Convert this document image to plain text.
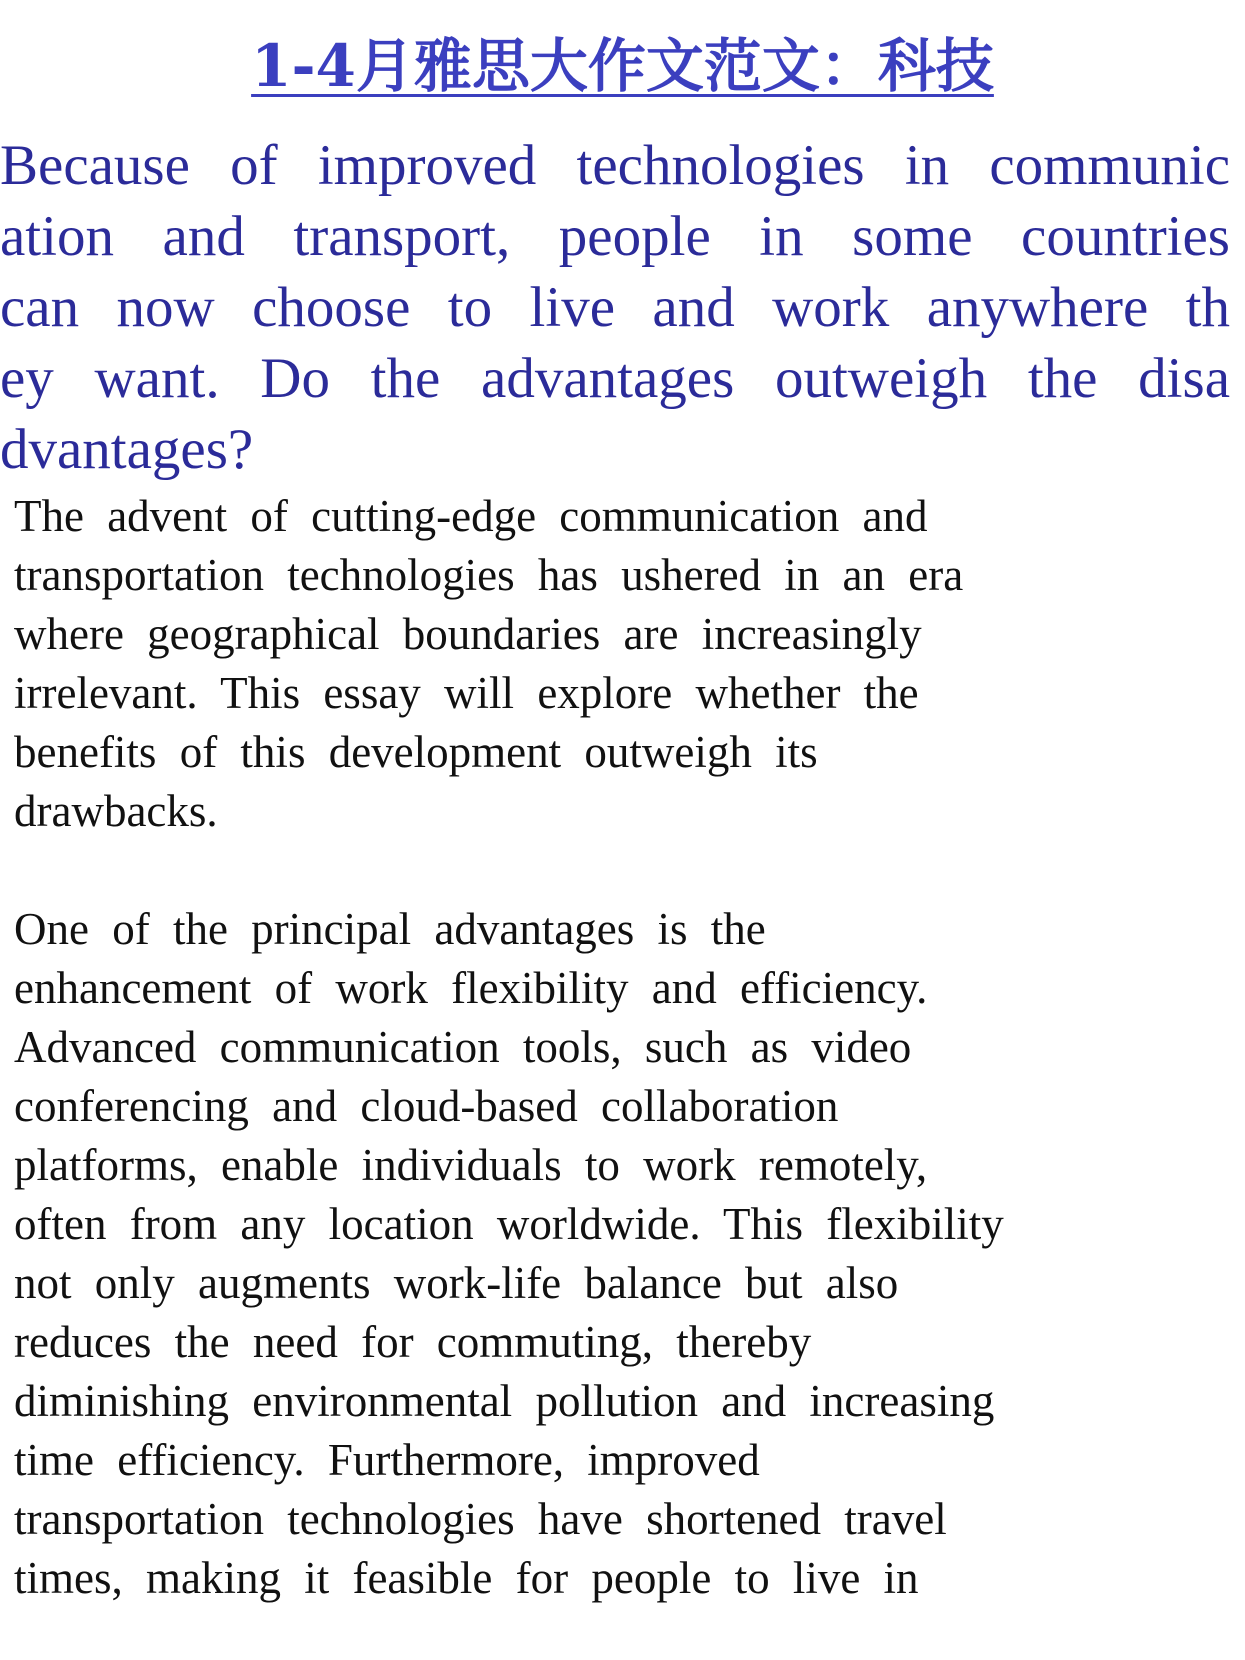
1-4月雅思大作文范文：科技
Because of improved technologies in communic
ation and transport, people in some countries
can now choose to live and work anywhere th
ey want. Do the advantages outweigh the disa
dvantages?

The advent of cutting-edge communication and
transportation technologies has ushered in an era
where geographical boundaries are increasingly
irrelevant. This essay will explore whether the
benefits of this development outweigh its
drawbacks.

One of the principal advantages is the
enhancement of work flexibility and efficiency.
Advanced communication tools, such as video
conferencing and cloud-based collaboration
platforms, enable individuals to work remotely,
often from any location worldwide. This flexibility
not only augments work-life balance but also
reduces the need for commuting, thereby
diminishing environmental pollution and increasing
time efficiency. Furthermore, improved
transportation technologies have shortened travel
times, making it feasible for people to live in
